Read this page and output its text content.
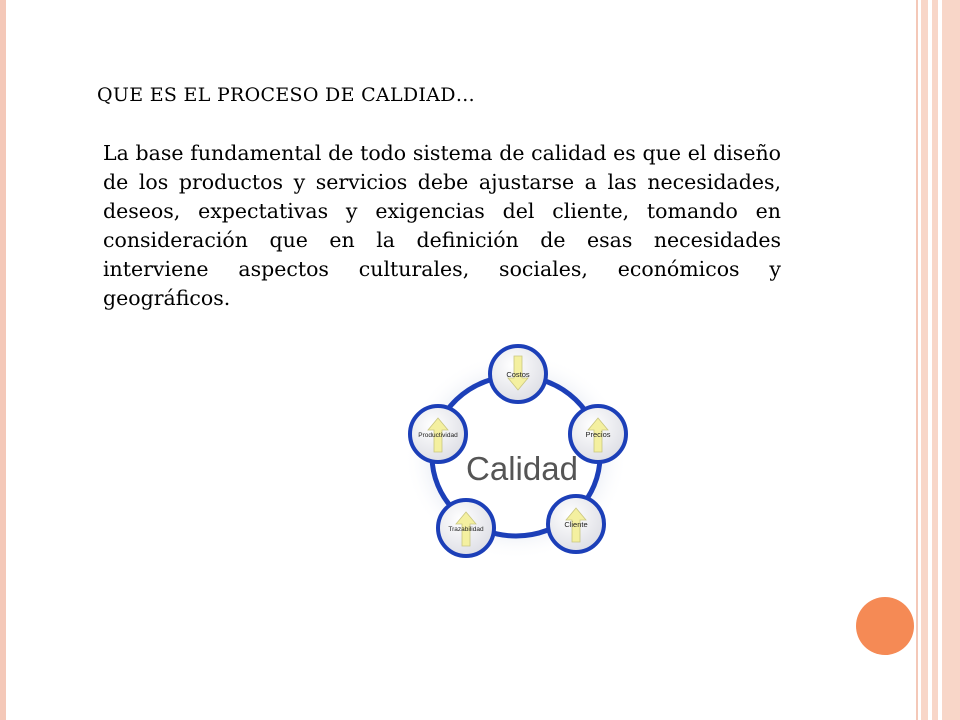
QUE ES EL PROCESO DE CALDIAD…
La base fundamental de todo sistema de calidad es que el diseño de los productos y servicios debe ajustarse a las necesidades, deseos, expectativas y exigencias del cliente, tomando en consideración que en la definición de esas necesidades interviene aspectos culturales, sociales, económicos y geográficos.
Costos
Precios
Cliente
Trazabilidad
Productividad
Calidad
